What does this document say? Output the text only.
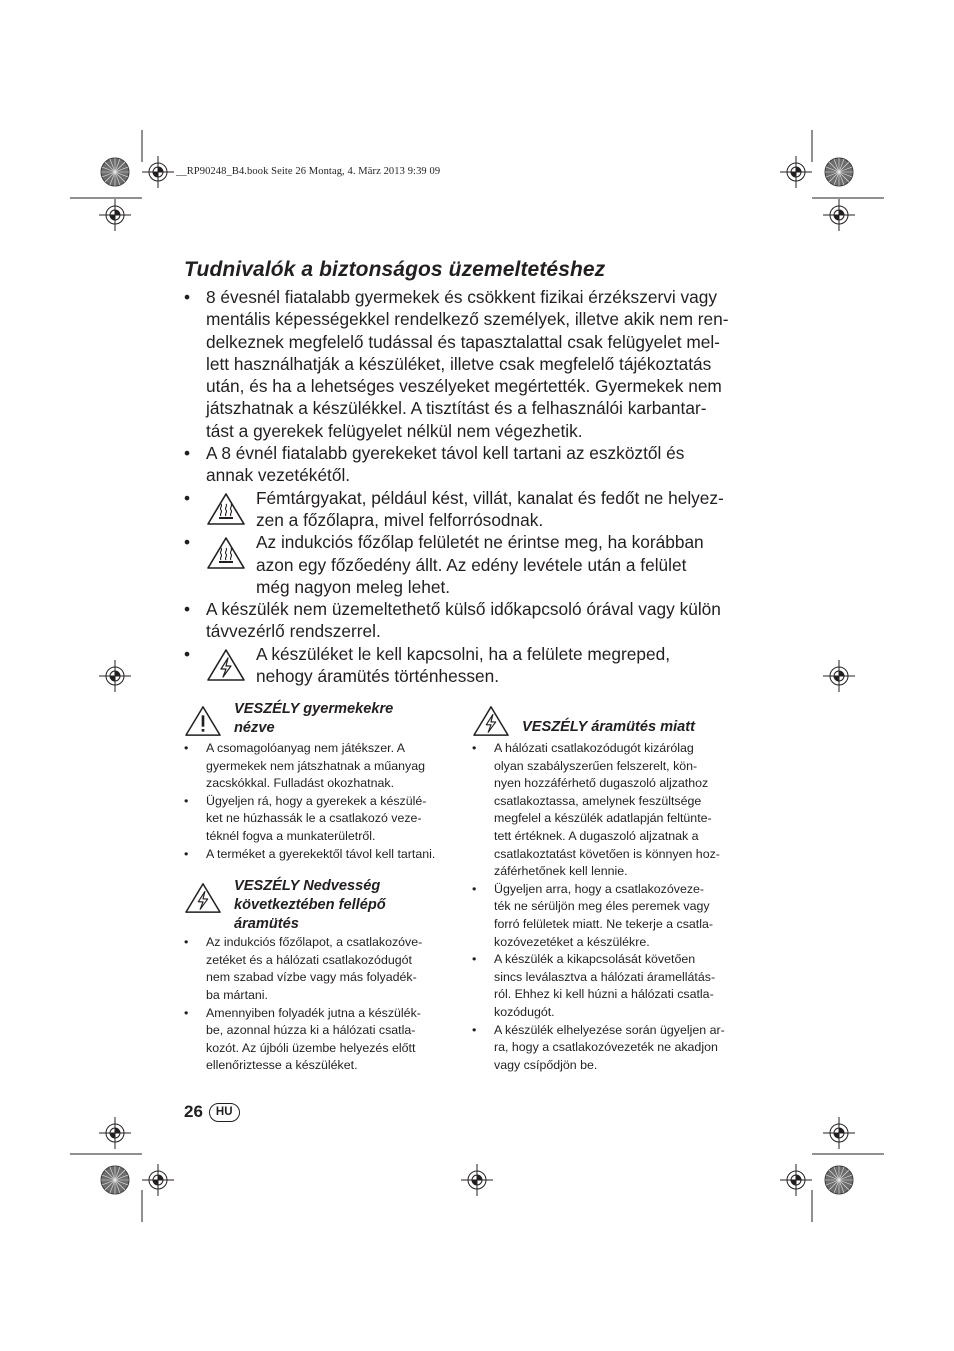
__RP90248_B4.book Seite 26 Montag, 4. März 2013 9:39 09
Tudnivalók a biztonságos üzemeltetéshez
• 8 évesnél fiatalabb gyermekek és csökkent fizikai érzékszervi vagy
mentális képességekkel rendelkező személyek, illetve akik nem ren-
delkeznek megfelelő tudással és tapasztalattal csak felügyelet mel-
lett használhatják a készüléket, illetve csak megfelelő tájékoztatás
után, és ha a lehetséges veszélyeket megértették. Gyermekek nem
játszhatnak a készülékkel. A tisztítást és a felhasználói karbantar-
tást a gyerekek felügyelet nélkül nem végezhetik.
• A 8 évnél fiatalabb gyerekeket távol kell tartani az eszköztől és
annak vezetékétől.
•	Fémtárgyakat, például kést, villát, kanalat és fedőt ne helyez-
zen a főzőlapra, mivel felforrósodnak.
•	Az indukciós főzőlap felületét ne érintse meg, ha korábban
azon egy főzőedény állt. Az edény levétele után a felület
még nagyon meleg lehet.
• A készülék nem üzemeltethető külső időkapcsoló órával vagy külön
távvezérlő rendszerrel.
•	A készüléket le kell kapcsolni, ha a felülete megreped,
nehogy áramütés történhessen.
VESZÉLY gyermekekre
nézve
• A csomagolóanyag nem játékszer. A
gyermekek nem játszhatnak a műanyag
zacskókkal. Fulladást okozhatnak.
• Ügyeljen rá, hogy a gyerekek a készülé-
ket ne húzhassák le a csatlakozó veze-
téknél fogva a munkaterületről.
• A terméket a gyerekektől távol kell tartani.
VESZÉLY Nedvesség
következtében fellépő
áramütés
• Az indukciós főzőlapot, a csatlakozóve-
zetéket és a hálózati csatlakozódugót
nem szabad vízbe vagy más folyadék-
ba mártani.
• Amennyiben folyadék jutna a készülék-
be, azonnal húzza ki a hálózati csatla-
kozót. Az újbóli üzembe helyezés előtt
ellenőriztesse a készüléket.
VESZÉLY áramütés miatt
• A hálózati csatlakozódugót kizárólag
olyan szabályszerűen felszerelt, kön-
nyen hozzáférhető dugaszoló aljzathoz
csatlakoztassa, amelynek feszültsége
megfelel a készülék adatlapján feltünte-
tett értéknek. A dugaszoló aljzatnak a
csatlakoztatást követően is könnyen hoz-
záférhetőnek kell lennie.
• Ügyeljen arra, hogy a csatlakozóveze-
ték ne sérüljön meg éles peremek vagy
forró felületek miatt. Ne tekerje a csatla-
kozóvezetéket a készülékre.
• A készülék a kikapcsolását követően
sincs leválasztva a hálózati áramellátás-
ról. Ehhez ki kell húzni a hálózati csatla-
kozódugót.
• A készülék elhelyezése során ügyeljen ar-
ra, hogy a csatlakozóvezeték ne akadjon
vagy csípődjön be.
26	HU
